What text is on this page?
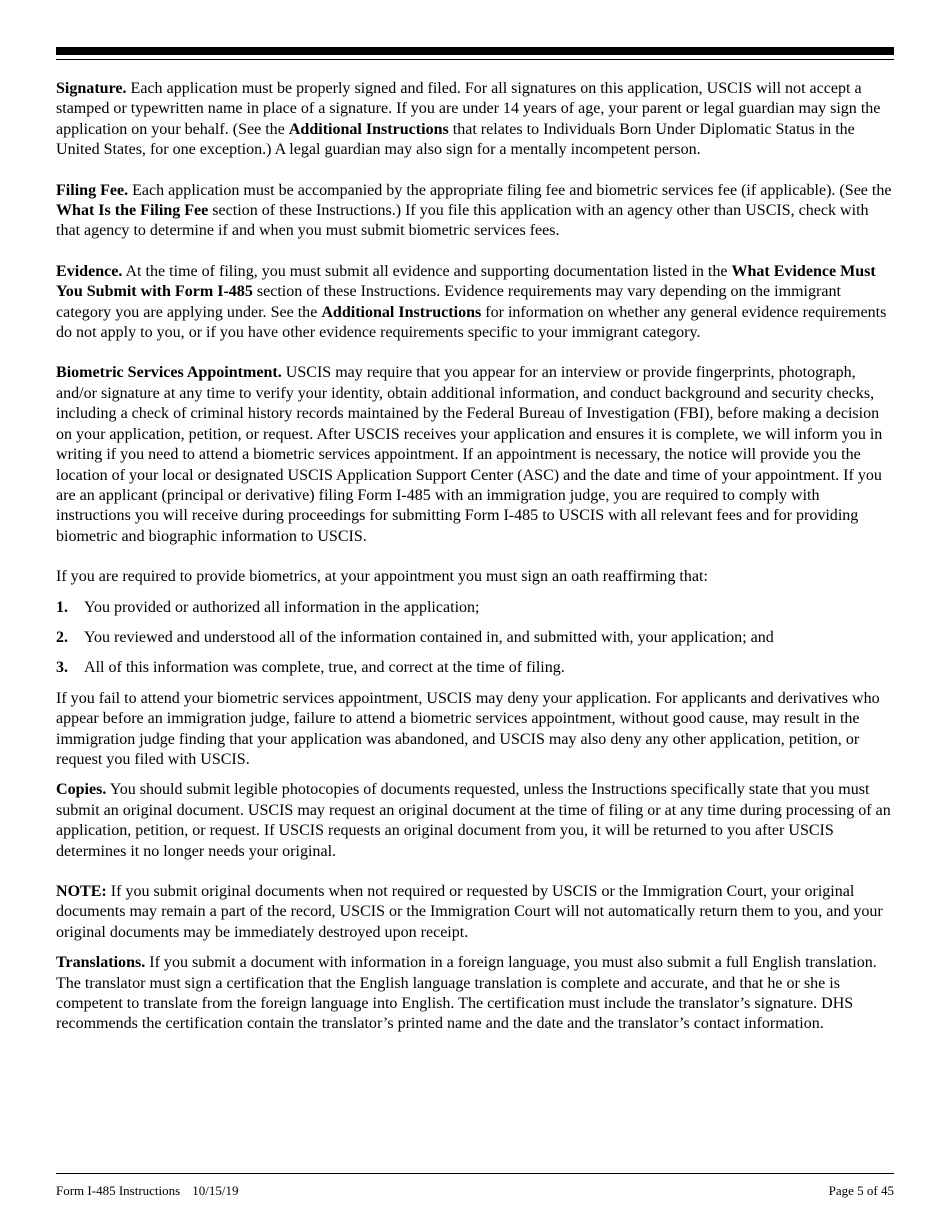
Signature. Each application must be properly signed and filed. For all signatures on this application, USCIS will not accept a stamped or typewritten name in place of a signature. If you are under 14 years of age, your parent or legal guardian may sign the application on your behalf. (See the Additional Instructions that relates to Individuals Born Under Diplomatic Status in the United States, for one exception.) A legal guardian may also sign for a mentally incompetent person.

Filing Fee. Each application must be accompanied by the appropriate filing fee and biometric services fee (if applicable). (See the What Is the Filing Fee section of these Instructions.) If you file this application with an agency other than USCIS, check with that agency to determine if and when you must submit biometric services fees.

Evidence. At the time of filing, you must submit all evidence and supporting documentation listed in the What Evidence Must You Submit with Form I-485 section of these Instructions. Evidence requirements may vary depending on the immigrant category you are applying under. See the Additional Instructions for information on whether any general evidence requirements do not apply to you, or if you have other evidence requirements specific to your immigrant category.

Biometric Services Appointment. USCIS may require that you appear for an interview or provide fingerprints, photograph, and/or signature at any time to verify your identity, obtain additional information, and conduct background and security checks, including a check of criminal history records maintained by the Federal Bureau of Investigation (FBI), before making a decision on your application, petition, or request. After USCIS receives your application and ensures it is complete, we will inform you in writing if you need to attend a biometric services appointment. If an appointment is necessary, the notice will provide you the location of your local or designated USCIS Application Support Center (ASC) and the date and time of your appointment. If you are an applicant (principal or derivative) filing Form I-485 with an immigration judge, you are required to comply with instructions you will receive during proceedings for submitting Form I-485 to USCIS with all relevant fees and for providing biometric and biographic information to USCIS.

If you are required to provide biometrics, at your appointment you must sign an oath reaffirming that:

1. You provided or authorized all information in the application;
2. You reviewed and understood all of the information contained in, and submitted with, your application; and
3. All of this information was complete, true, and correct at the time of filing.

If you fail to attend your biometric services appointment, USCIS may deny your application. For applicants and derivatives who appear before an immigration judge, failure to attend a biometric services appointment, without good cause, may result in the immigration judge finding that your application was abandoned, and USCIS may also deny any other application, petition, or request you filed with USCIS.

Copies. You should submit legible photocopies of documents requested, unless the Instructions specifically state that you must submit an original document. USCIS may request an original document at the time of filing or at any time during processing of an application, petition, or request. If USCIS requests an original document from you, it will be returned to you after USCIS determines it no longer needs your original.

NOTE: If you submit original documents when not required or requested by USCIS or the Immigration Court, your original documents may remain a part of the record, USCIS or the Immigration Court will not automatically return them to you, and your original documents may be immediately destroyed upon receipt.

Translations. If you submit a document with information in a foreign language, you must also submit a full English translation. The translator must sign a certification that the English language translation is complete and accurate, and that he or she is competent to translate from the foreign language into English. The certification must include the translator’s signature. DHS recommends the certification contain the translator’s printed name and the date and the translator’s contact information.

Form I-485 Instructions 10/15/19	Page 5 of 45
